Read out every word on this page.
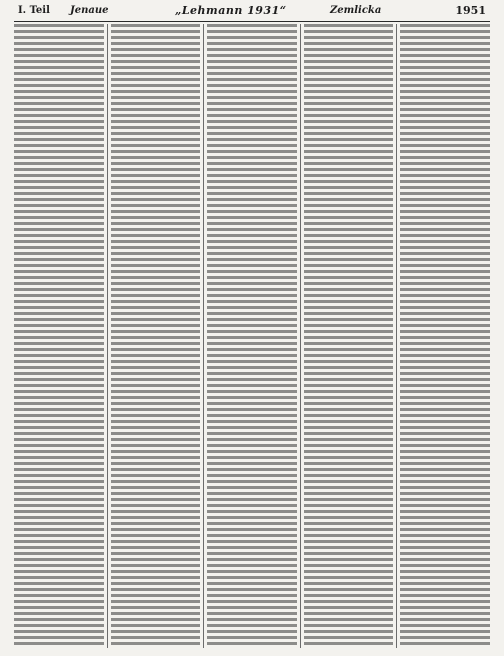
I. Teil Jenaue	„Lehmann 1931“	Zemlicka	1951
